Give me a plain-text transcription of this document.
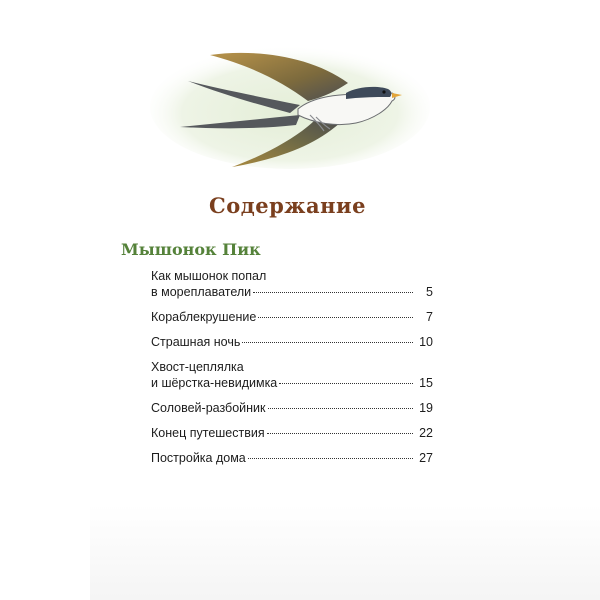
Содержание
Мышонок Пик
Как мышонок попал
в мореплаватели	5
Кораблекрушение	7
Страшная ночь	10
Хвост-цеплялка
и шёрстка-невидимка	15
Соловей-разбойник	19
Конец путешествия	22
Постройка дома	27
